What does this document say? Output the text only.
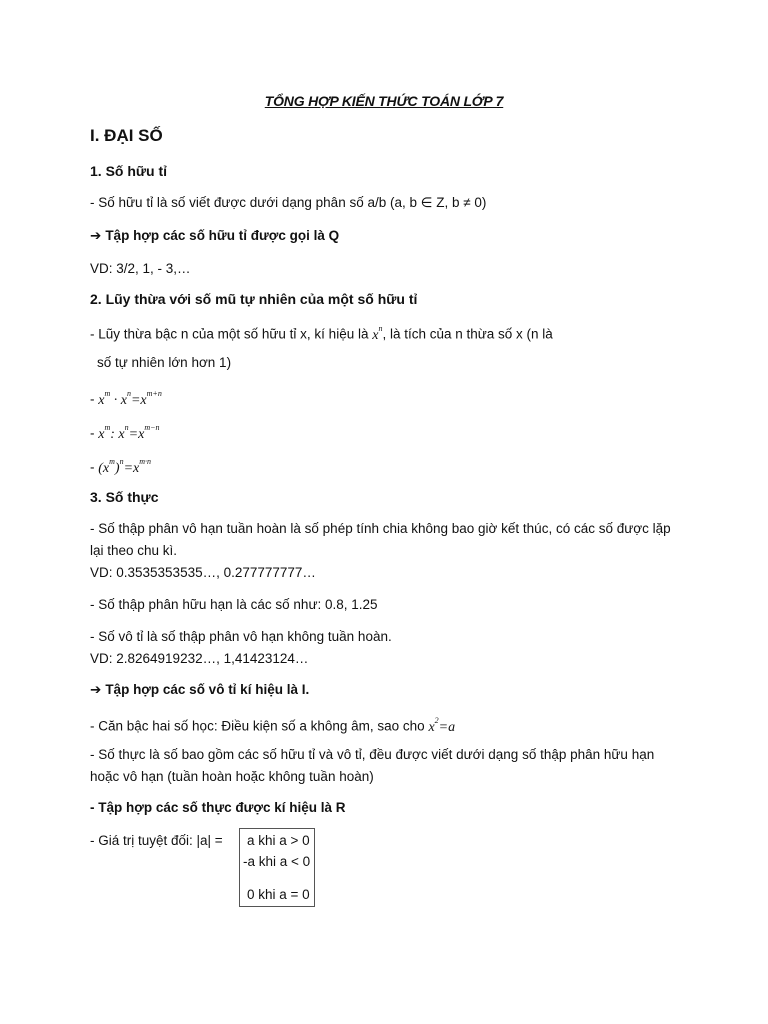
TỔNG HỢP KIẾN THỨC TOÁN LỚP 7
I. ĐẠI SỐ
1. Số hữu tỉ
- Số hữu tỉ là số viết được dưới dạng phân số a/b (a, b ∈ Z, b ≠ 0)
➔ Tập hợp các số hữu tỉ được gọi là Q
VD: 3/2, 1, - 3,…
2. Lũy thừa với số mũ tự nhiên của một số hữu tỉ
- Lũy thừa bậc n của một số hữu tỉ x, kí hiệu là $x^n$, là tích của n thừa số x (n là
số tự nhiên lớn hơn 1)
- $x^m \cdot x^n=x^{m+n}$
- $x^m$: $x^n=x^{m-n}$
- $(x^m)^n=x^{m\cdot n}$
3. Số thực
- Số thập phân vô hạn tuần hoàn là số phép tính chia không bao giờ kết thúc, có các số được lặp
lại theo chu kì.
VD: 0.3535353535…, 0.277777777…
- Số thập phân hữu hạn là các số như: 0.8, 1.25
- Số vô tỉ là số thập phân vô hạn không tuần hoàn.
VD: 2.8264919232…, 1,41423124…
➔ Tập hợp các số vô tỉ kí hiệu là I.
- Căn bậc hai số học: Điều kiện số a không âm, sao cho $x^2=a$
- Số thực là số bao gồm các số hữu tỉ và vô tỉ, đều được viết dưới dạng số thập phân hữu hạn
hoặc vô hạn (tuần hoàn hoặc không tuần hoàn)
- Tập hợp các số thực được kí hiệu là R
- Giá trị tuyệt đối: |a| = a khi a > 0
-a khi a < 0
0 khi a = 0
